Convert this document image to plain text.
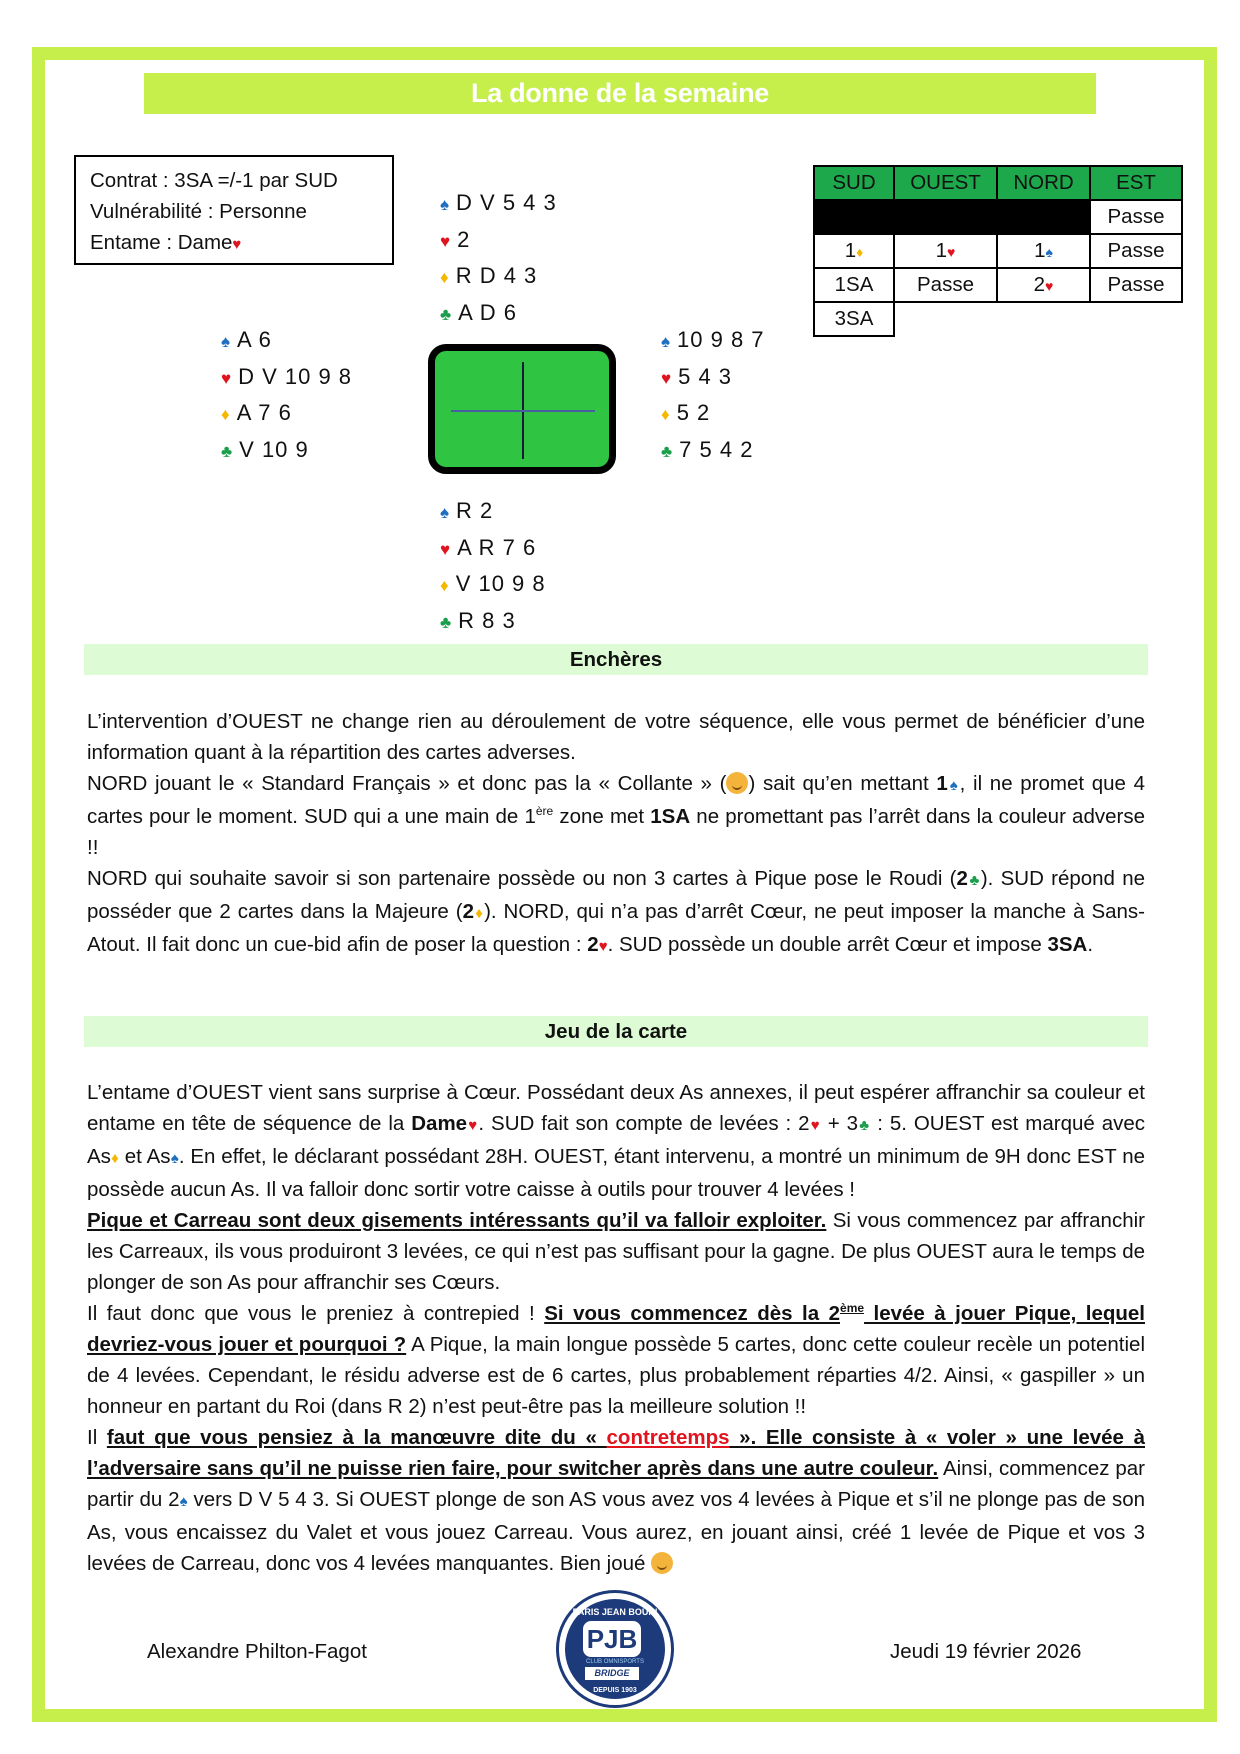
La donne de la semaine
Contrat : 3SA =/-1 par SUD
Vulnérabilité : Personne
Entame : Dame♥
♠ D V 5 4 3
♥ 2
♦ R D 4 3
♣ A D 6
♠ A 6
♥ D V 10 9 8
♦ A 7 6
♣ V 10 9
♠ 10 9 8 7
♥ 5 4 3
♦ 5 2
♣ 7 5 4 2
♠ R 2
♥ A R 7 6
♦ V 10 9 8
♣ R 8 3
SUD	OUEST	NORD	EST
			Passe
1♦	1♥	1♠	Passe
1SA	Passe	2♥	Passe
3SA			
Enchères

L’intervention d’OUEST ne change rien au déroulement de votre séquence, elle vous permet de bénéficier d’une information quant à la répartition des cartes adverses.

NORD jouant le « Standard Français » et donc pas la « Collante » ( ) sait qu’en mettant 1♠, il ne promet que 4 cartes pour le moment. SUD qui a une main de 1ère zone met 1SA ne promettant pas l’arrêt dans la couleur adverse !!

NORD qui souhaite savoir si son partenaire possède ou non 3 cartes à Pique pose le Roudi (2♣). SUD répond ne posséder que 2 cartes dans la Majeure (2♦). NORD, qui n’a pas d’arrêt Cœur, ne peut imposer la manche à Sans-Atout. Il fait donc un cue-bid afin de poser la question : 2♥. SUD possède un double arrêt Cœur et impose 3SA.

Jeu de la carte

L’entame d’OUEST vient sans surprise à Cœur. Possédant deux As annexes, il peut espérer affranchir sa couleur et entame en tête de séquence de la Dame♥. SUD fait son compte de levées : 2♥ + 3♣ : 5. OUEST est marqué avec As♦ et As♠. En effet, le déclarant possédant 28H. OUEST, étant intervenu, a montré un minimum de 9H donc EST ne possède aucun As. Il va falloir donc sortir votre caisse à outils pour trouver 4 levées !

Pique et Carreau sont deux gisements intéressants qu’il va falloir exploiter. Si vous commencez par affranchir les Carreaux, ils vous produiront 3 levées, ce qui n’est pas suffisant pour la gagne. De plus OUEST aura le temps de plonger de son As pour affranchir ses Cœurs.

Il faut donc que vous le preniez à contrepied ! Si vous commencez dès la 2ème levée à jouer Pique, lequel devriez-vous jouer et pourquoi ? A Pique, la main longue possède 5 cartes, donc cette couleur recèle un potentiel de 4 levées. Cependant, le résidu adverse est de 6 cartes, plus probablement réparties 4/2. Ainsi, « gaspiller » un honneur en partant du Roi (dans R 2) n’est peut-être pas la meilleure solution !!

Il faut que vous pensiez à la manœuvre dite du « contretemps ». Elle consiste à « voler » une levée à l’adversaire sans qu’il ne puisse rien faire, pour switcher après dans une autre couleur. Ainsi, commencez par partir du 2♠ vers D V 5 4 3. Si OUEST plonge de son AS vous avez vos 4 levées à Pique et s’il ne plonge pas de son As, vous encaissez du Valet et vous jouez Carreau. Vous aurez, en jouant ainsi, créé 1 levée de Pique et vos 3 levées de Carreau, donc vos 4 levées manquantes. Bien joué

Alexandre Philton-Fagot
PARIS JEAN BOUIN
PJB
CLUB OMNISPORTS
BRIDGE
DEPUIS 1903
Jeudi 19 février 2026
